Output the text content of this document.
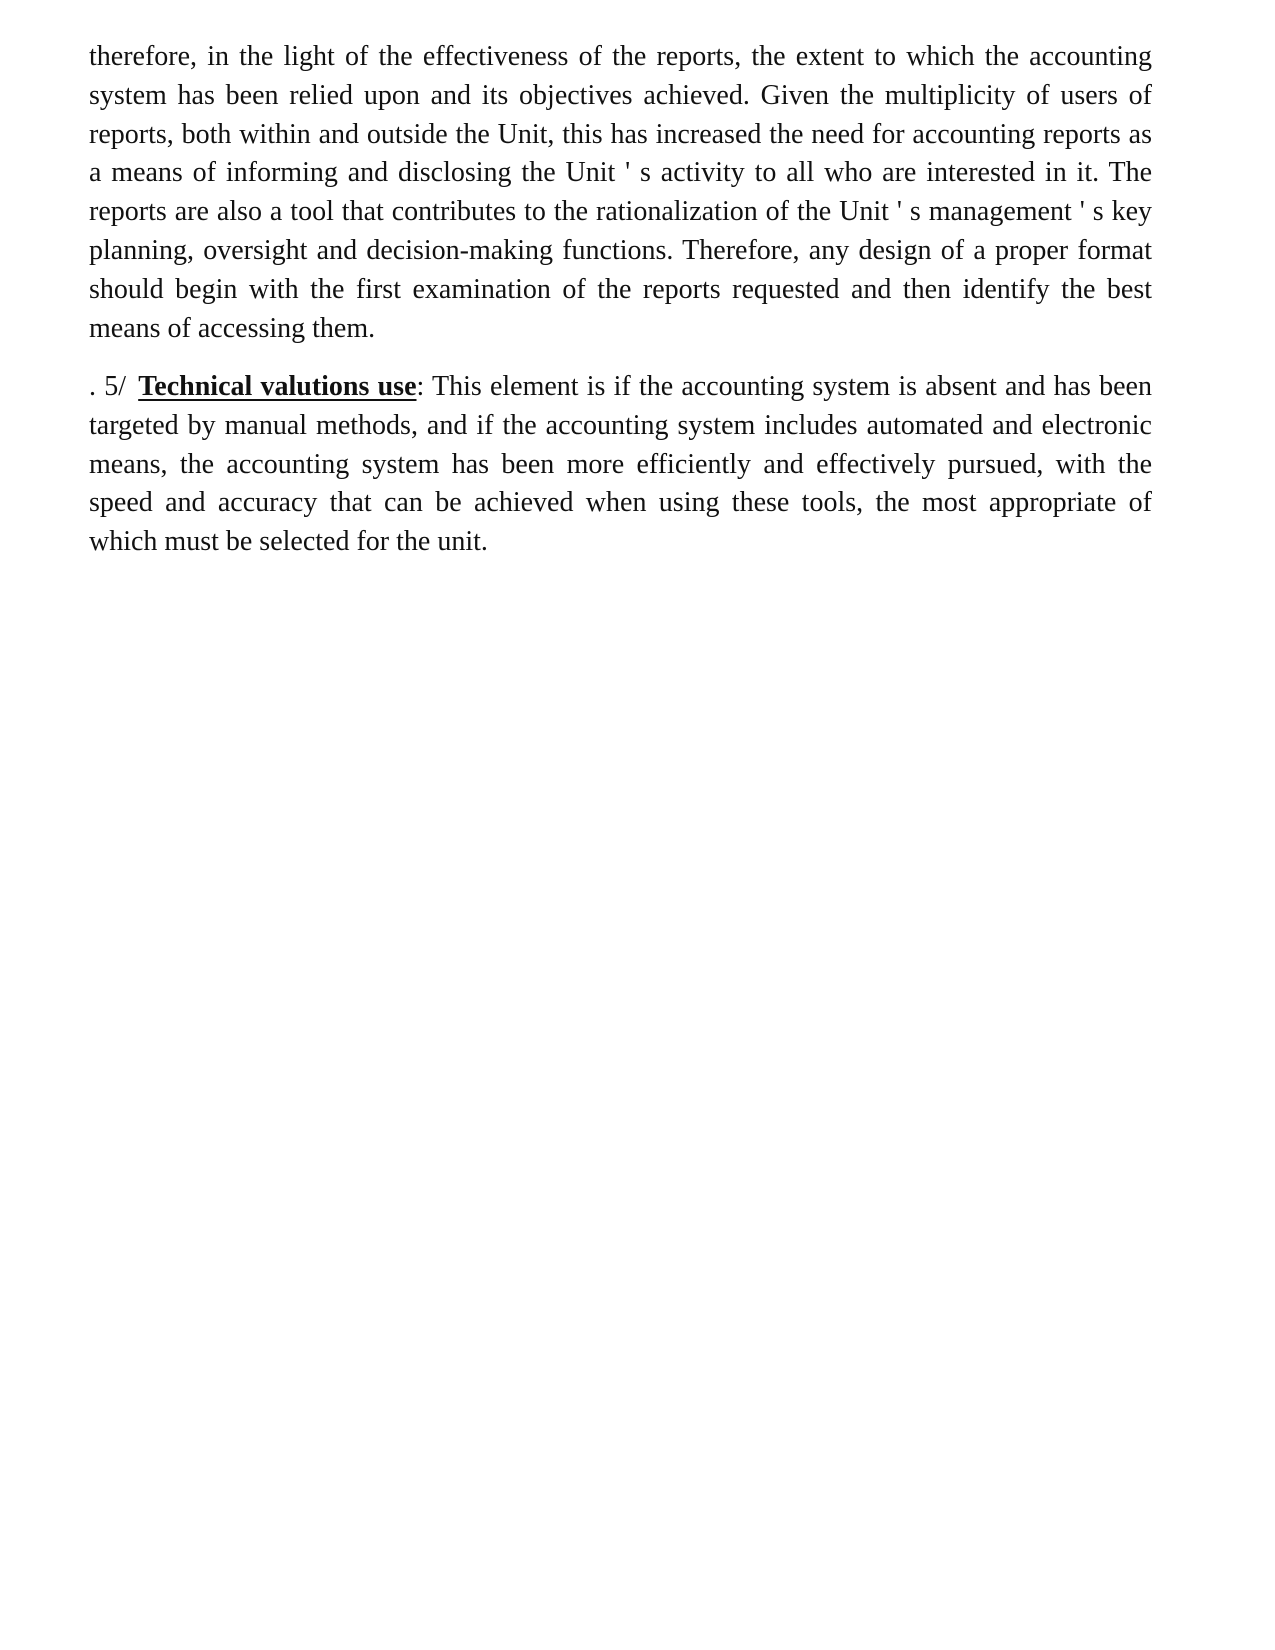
therefore, in the light of the effectiveness of the reports, the extent to which the accounting system has been relied upon and its objectives achieved. Given the multiplicity of users of reports, both within and outside the Unit, this has increased the need for accounting reports as a means of informing and disclosing the Unit ' s activity to all who are interested in it. The reports are also a tool that contributes to the rationalization of the Unit ' s management ' s key planning, oversight and decision-making functions. Therefore, any design of a proper format should begin with the first examination of the reports requested and then identify the best means of accessing them.

. 5/ Technical valutions use: This element is if the accounting system is absent and has been targeted by manual methods, and if the accounting system includes automated and electronic means, the accounting system has been more efficiently and effectively pursued, with the speed and accuracy that can be achieved when using these tools, the most appropriate of which must be selected for the unit.
